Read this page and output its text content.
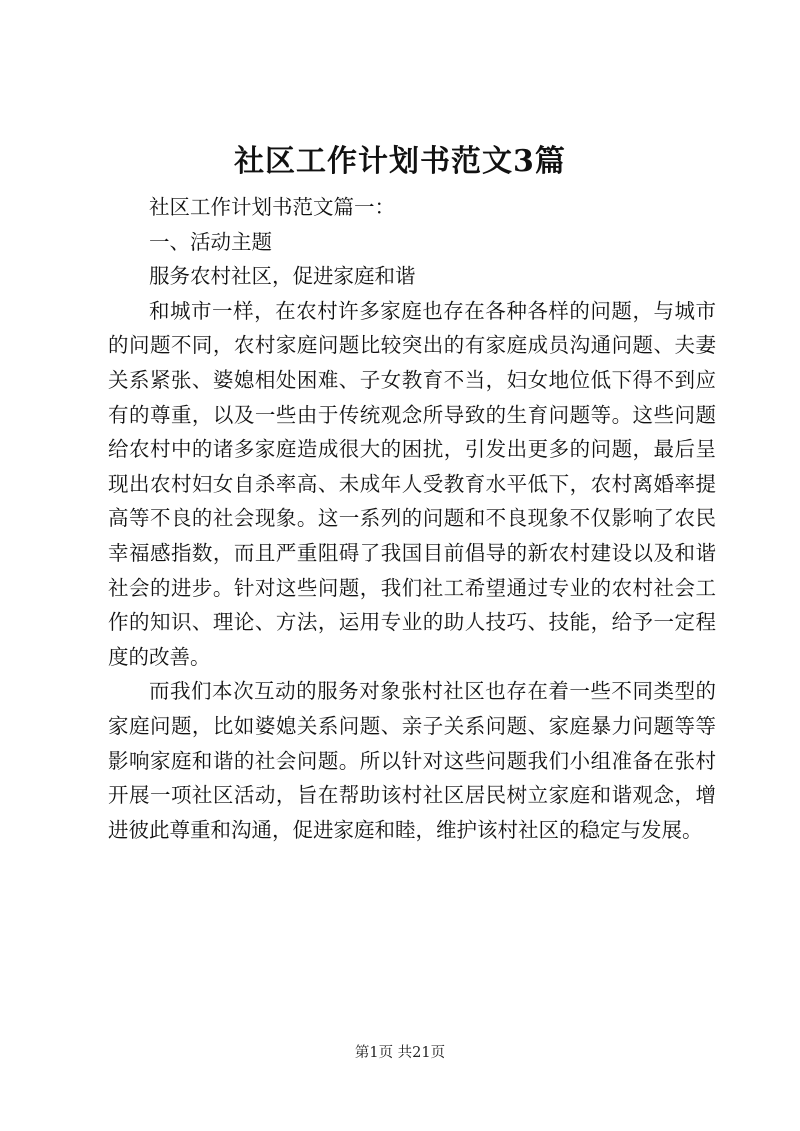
社区工作计划书范文3篇

社区工作计划书范文篇一：

一、活动主题

服务农村社区，促进家庭和谐

和城市一样，在农村许多家庭也存在各种各样的问题，与城市的问题不同，农村家庭问题比较突出的有家庭成员沟通问题、夫妻关系紧张、婆媳相处困难、子女教育不当，妇女地位低下得不到应有的尊重，以及一些由于传统观念所导致的生育问题等。这些问题给农村中的诸多家庭造成很大的困扰，引发出更多的问题，最后呈现出农村妇女自杀率高、未成年人受教育水平低下，农村离婚率提高等不良的社会现象。这一系列的问题和不良现象不仅影响了农民幸福感指数，而且严重阻碍了我国目前倡导的新农村建设以及和谐社会的进步。针对这些问题，我们社工希望通过专业的农村社会工作的知识、理论、方法，运用专业的助人技巧、技能，给予一定程度的改善。

而我们本次互动的服务对象张村社区也存在着一些不同类型的家庭问题，比如婆媳关系问题、亲子关系问题、家庭暴力问题等等影响家庭和谐的社会问题。所以针对这些问题我们小组准备在张村开展一项社区活动，旨在帮助该村社区居民树立家庭和谐观念，增进彼此尊重和沟通，促进家庭和睦，维护该村社区的稳定与发展。

第1页 共21页
